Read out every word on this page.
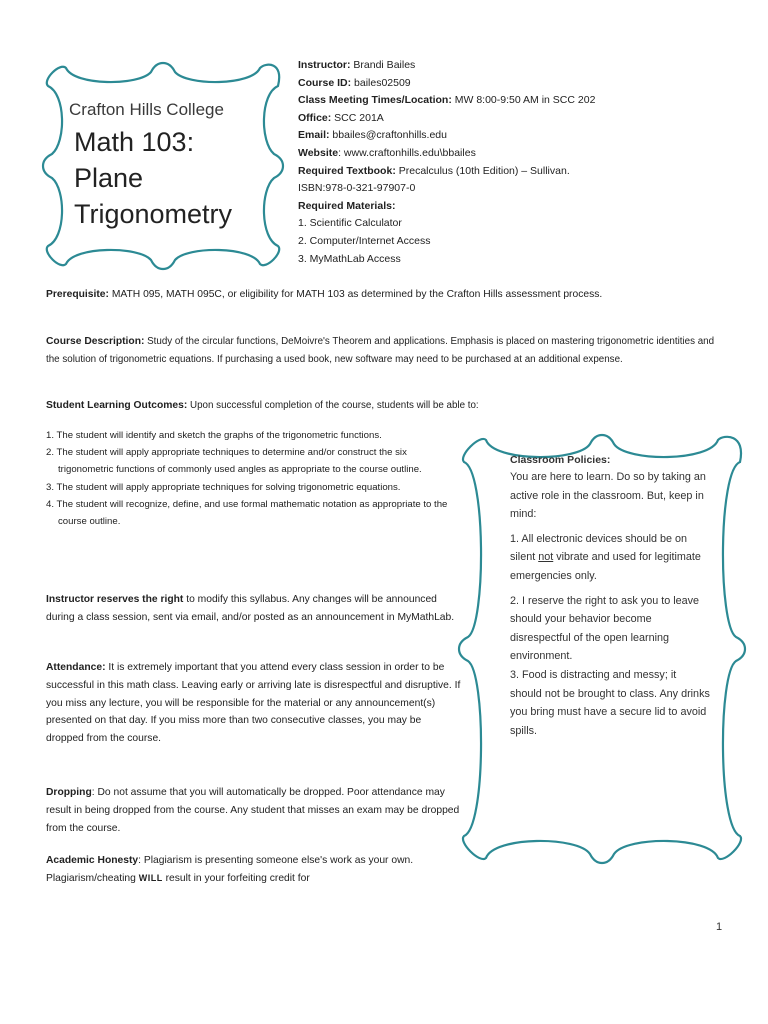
Crafton Hills College
Math 103:
Plane
Trigonometry
Instructor: Brandi Bailes
Course ID: bailes02509
Class Meeting Times/Location: MW 8:00-9:50 AM in SCC 202
Office: SCC 201A
Email: bbailes@craftonhills.edu
Website: www.craftonhills.edu\bbailes
Required Textbook: Precalculus (10th Edition) – Sullivan.
ISBN:978-0-321-97907-0
Required Materials:
1. Scientific Calculator
2. Computer/Internet Access
3. MyMathLab Access
Prerequisite: MATH 095, MATH 095C, or eligibility for MATH 103 as determined by the Crafton Hills assessment process.
Course Description: Study of the circular functions, DeMoivre's Theorem and applications. Emphasis is placed on mastering trigonometric identities and the solution of trigonometric equations. If purchasing a used book, new software may need to be purchased at an additional expense.
Student Learning Outcomes: Upon successful completion of the course, students will be able to:
1. The student will identify and sketch the graphs of the trigonometric functions.
2. The student will apply appropriate techniques to determine and/or construct the six trigonometric functions of commonly used angles as appropriate to the course outline.
3. The student will apply appropriate techniques for solving trigonometric equations.
4. The student will recognize, define, and use formal mathematic notation as appropriate to the course outline.
Instructor reserves the right to modify this syllabus. Any changes will be announced during a class session, sent via email, and/or posted as an announcement in MyMathLab.
Attendance: It is extremely important that you attend every class session in order to be successful in this math class. Leaving early or arriving late is disrespectful and disruptive. If you miss any lecture, you will be responsible for the material or any announcement(s) presented on that day. If you miss more than two consecutive classes, you may be dropped from the course.
Dropping: Do not assume that you will automatically be dropped. Poor attendance may result in being dropped from the course. Any student that misses an exam may be dropped from the course.
Academic Honesty: Plagiarism is presenting someone else's work as your own. Plagiarism/cheating WILL result in your forfeiting credit for
Classroom Policies:

You are here to learn. Do so by taking an active role in the classroom. But, keep in mind:

1. All electronic devices should be on silent not vibrate and used for legitimate emergencies only.

2. I reserve the right to ask you to leave should your behavior become disrespectful of the open learning environment.

3. Food is distracting and messy; it should not be brought to class. Any drinks you bring must have a secure lid to avoid spills.

1
